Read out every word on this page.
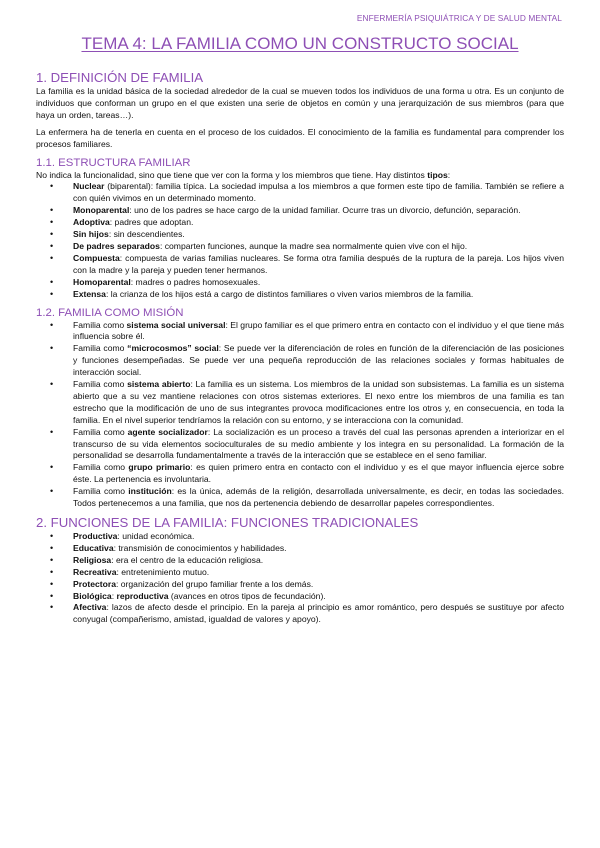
ENFERMERÍA PSIQUIÁTRICA Y DE SALUD MENTAL
TEMA 4: LA FAMILIA COMO UN CONSTRUCTO SOCIAL
1. DEFINICIÓN DE FAMILIA

La familia es la unidad básica de la sociedad alrededor de la cual se mueven todos los individuos de una forma u otra. Es un conjunto de individuos que conforman un grupo en el que existen una serie de objetos en común y una jerarquización de sus miembros (para que haya un orden, tareas…).

La enfermera ha de tenerla en cuenta en el proceso de los cuidados. El conocimiento de la familia es fundamental para comprender los procesos familiares.

1.1. ESTRUCTURA FAMILIAR

No indica la funcionalidad, sino que tiene que ver con la forma y los miembros que tiene. Hay distintos tipos:

• Nuclear (biparental): familia típica. La sociedad impulsa a los miembros a que formen este tipo de familia. También se refiere a con quién vivimos en un determinado momento.
• Monoparental: uno de los padres se hace cargo de la unidad familiar. Ocurre tras un divorcio, defunción, separación.
• Adoptiva: padres que adoptan.
• Sin hijos: sin descendientes.
• De padres separados: comparten funciones, aunque la madre sea normalmente quien vive con el hijo.
• Compuesta: compuesta de varias familias nucleares. Se forma otra familia después de la ruptura de la pareja. Los hijos viven con la madre y la pareja y pueden tener hermanos.
• Homoparental: madres o padres homosexuales.
• Extensa: la crianza de los hijos está a cargo de distintos familiares o viven varios miembros de la familia.
1.2. FAMILIA COMO MISIÓN
• Familia como sistema social universal: El grupo familiar es el que primero entra en contacto con el individuo y el que tiene más influencia sobre él.
• Familia como “microcosmos” social: Se puede ver la diferenciación de roles en función de la diferenciación de las posiciones y funciones desempeñadas. Se puede ver una pequeña reproducción de las relaciones sociales y formas habituales de interacción social.
• Familia como sistema abierto: La familia es un sistema. Los miembros de la unidad son subsistemas. La familia es un sistema abierto que a su vez mantiene relaciones con otros sistemas exteriores. El nexo entre los miembros de una familia es tan estrecho que la modificación de uno de sus integrantes provoca modificaciones entre los otros y, en consecuencia, en toda la familia. En el nivel superior tendríamos la relación con su entorno, y se interacciona con la comunidad.
• Familia como agente socializador: La socialización es un proceso a través del cual las personas aprenden a interiorizar en el transcurso de su vida elementos socioculturales de su medio ambiente y los integra en su personalidad. La formación de la personalidad se desarrolla fundamentalmente a través de la interacción que se establece en el seno familiar.
• Familia como grupo primario: es quien primero entra en contacto con el individuo y es el que mayor influencia ejerce sobre éste. La pertenencia es involuntaria.
• Familia como institución: es la única, además de la religión, desarrollada universalmente, es decir, en todas las sociedades. Todos pertenecemos a una familia, que nos da pertenencia debiendo de desarrollar papeles correspondientes.
2. FUNCIONES DE LA FAMILIA: FUNCIONES TRADICIONALES
• Productiva: unidad económica.
• Educativa: transmisión de conocimientos y habilidades.
• Religiosa: era el centro de la educación religiosa.
• Recreativa: entretenimiento mutuo.
• Protectora: organización del grupo familiar frente a los demás.
• Biológica: reproductiva (avances en otros tipos de fecundación).
• Afectiva: lazos de afecto desde el principio. En la pareja al principio es amor romántico, pero después se sustituye por afecto conyugal (compañerismo, amistad, igualdad de valores y apoyo).
